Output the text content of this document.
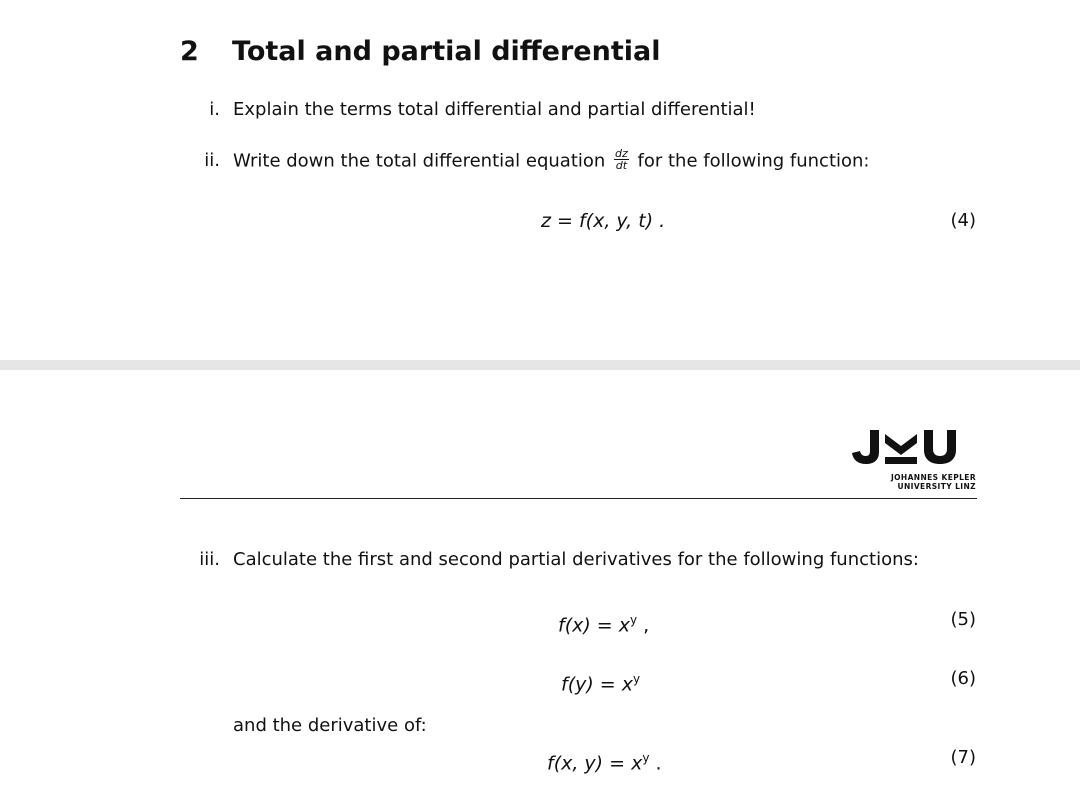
2 Total and partial differential
i. Explain the terms total differential and partial differential!
ii. Write down the total differential equation $\frac{dz}{dt}$ for the following function:
z = f(x, y, t) .	(4)
JOHANNES KEPLER
UNIVERSITY LINZ
iii. Calculate the first and second partial derivatives for the following functions:
$f(x) = x^y$ ,	(5)
$f(y) = x^y$	(6)
and the derivative of:
f(x, $y) = x^y$ .	(7)
